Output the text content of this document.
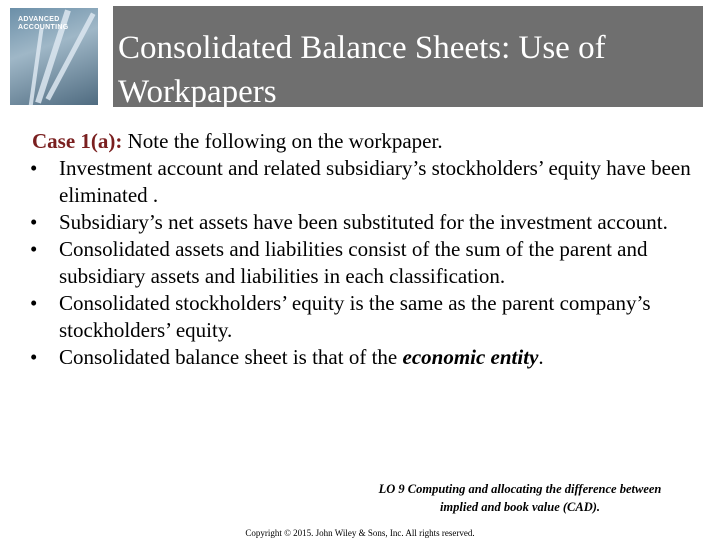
ADVANCED
ACCOUNTING
Consolidated Balance Sheets: Use of Workpapers
Case 1(a): Note the following on the workpaper.
• Investment account and related subsidiary’s stockholders’ equity have been eliminated .
• Subsidiary’s net assets have been substituted for the investment account.
• Consolidated assets and liabilities consist of the sum of the parent and subsidiary assets and liabilities in each classification.
• Consolidated stockholders’ equity is the same as the parent company’s stockholders’ equity.
• Consolidated balance sheet is that of the economic entity.
LO 9 Computing and allocating the difference between
implied and book value (CAD).
Copyright © 2015. John Wiley & Sons, Inc. All rights reserved.
